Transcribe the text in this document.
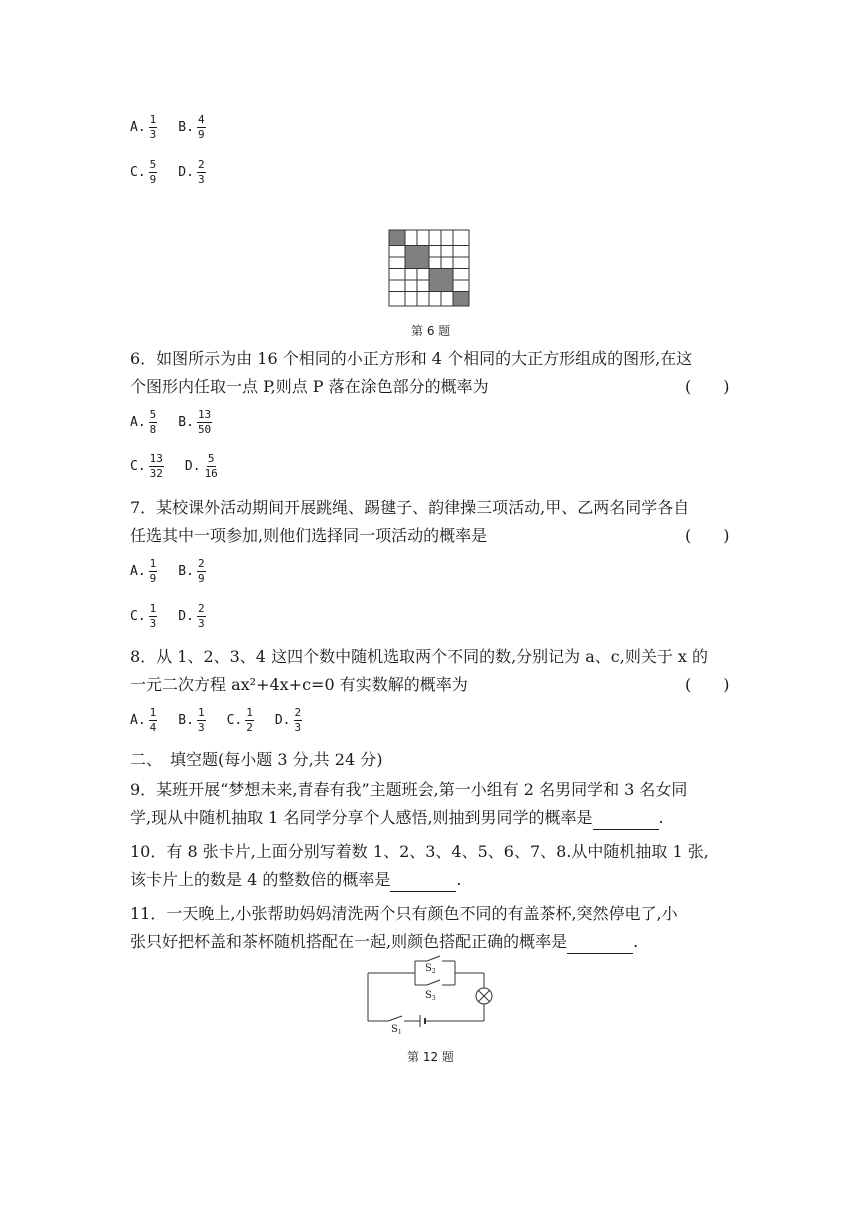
A. $\frac{1}{3} B$. $\frac{4}{9}$
C. $\frac{5}{9} D$. $\frac{2}{3}$
第 6 题
6．如图所示为由 16 个相同的小正方形和 4 个相同的大正方形组成的图形,在这
个图形内任取一点 P,则点 P 落在涂色部分的概率为	(　　)
A. $\frac{5}{8} B$. $\frac{13}{50}$
C. $\frac{13}{32} D$. $\frac{5}{16}$
7．某校课外活动期间开展跳绳、踢毽子、韵律操三项活动,甲、乙两名同学各自
任选其中一项参加,则他们选择同一项活动的概率是	(　　)
A. $\frac{1}{9} B$. $\frac{2}{9}$
C. $\frac{1}{3} D$. $\frac{2}{3}$
8．从 1、2、3、4 这四个数中随机选取两个不同的数,分别记为 a、c,则关于 x 的
一元二次方程 ax²+4x+c=0 有实数解的概率为	(　　)
A. $\frac{1}{4} B$. $\frac{1}{3} C$. $\frac{1}{2} D$. $\frac{2}{3}$
二、　填空题(每小题 3 分,共 24 分)
9．某班开展“梦想未来,青春有我”主题班会,第一小组有 2 名男同学和 3 名女同
学,现从中随机抽取 1 名同学分享个人感悟,则抽到男同学的概率是	.
10．有 8 张卡片,上面分别写着数 1、2、3、4、5、6、7、8.从中随机抽取 1 张,
该卡片上的数是 4 的整数倍的概率是	.
11．一天晚上,小张帮助妈妈清洗两个只有颜色不同的有盖茶杯,突然停电了,小
张只好把杯盖和茶杯随机搭配在一起,则颜色搭配正确的概率是	.
$S_2$
$S_3$
$S_1$
第 12 题
